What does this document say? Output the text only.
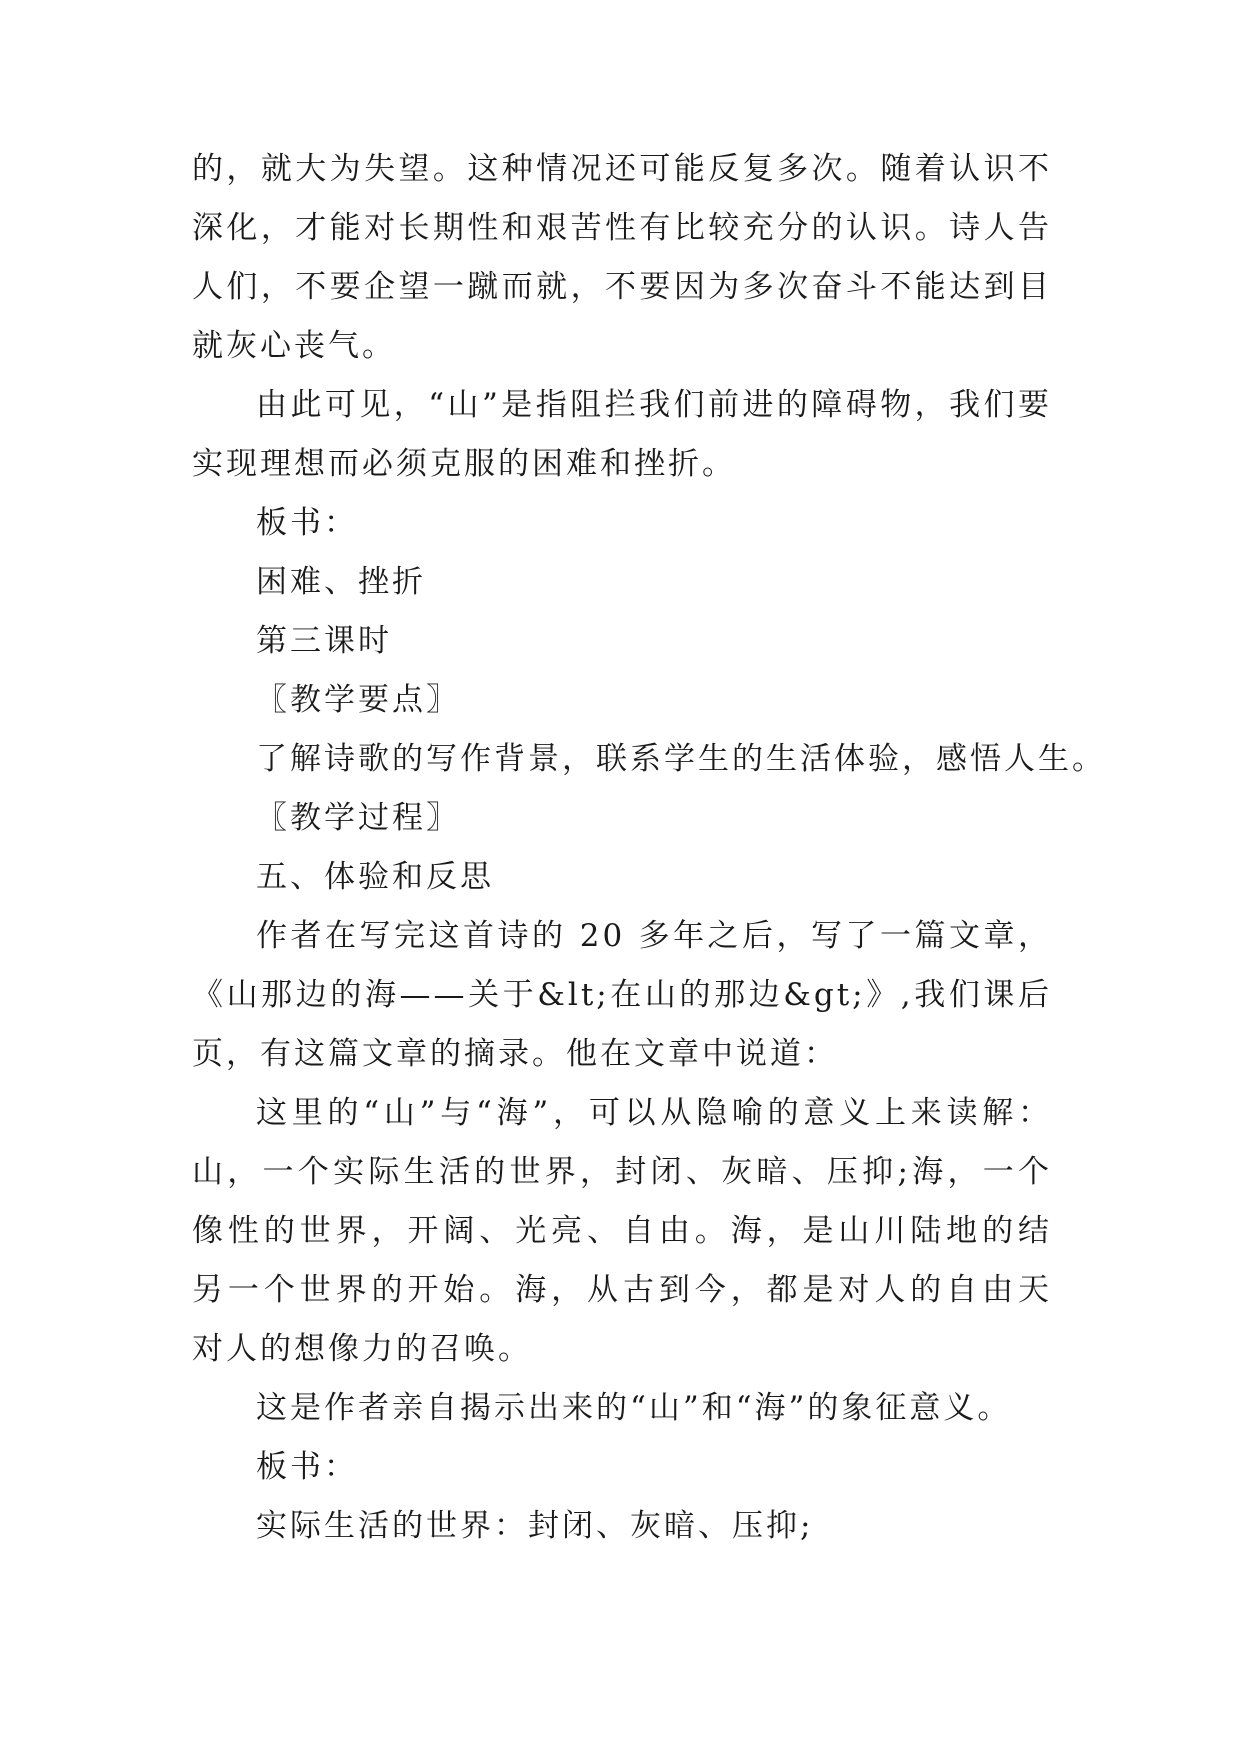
的，就大为失望。这种情况还可能反复多次。随着认识不
深化，才能对长期性和艰苦性有比较充分的认识。诗人告
人们，不要企望一蹴而就，不要因为多次奋斗不能达到目
就灰心丧气。
由此可见，“山”是指阻拦我们前进的障碍物，我们要
实现理想而必须克服的困难和挫折。
板书：
困难、挫折
第三课时
〖教学要点〗
了解诗歌的写作背景，联系学生的生活体验，感悟人生。
〖教学过程〗
五、体验和反思
作者在写完这首诗的 20 多年之后，写了一篇文章，
《山那边的海——关于&lt;在山的那边&gt;》,我们课后
页，有这篇文章的摘录。他在文章中说道：
这里的“山”与“海”，可以从隐喻的意义上来读解：
山，一个实际生活的世界，封闭、灰暗、压抑;海，一个
像性的世界，开阔、光亮、自由。海，是山川陆地的结
另一个世界的开始。海，从古到今，都是对人的自由天
对人的想像力的召唤。
这是作者亲自揭示出来的“山”和“海”的象征意义。
板书：
实际生活的世界：封闭、灰暗、压抑;
